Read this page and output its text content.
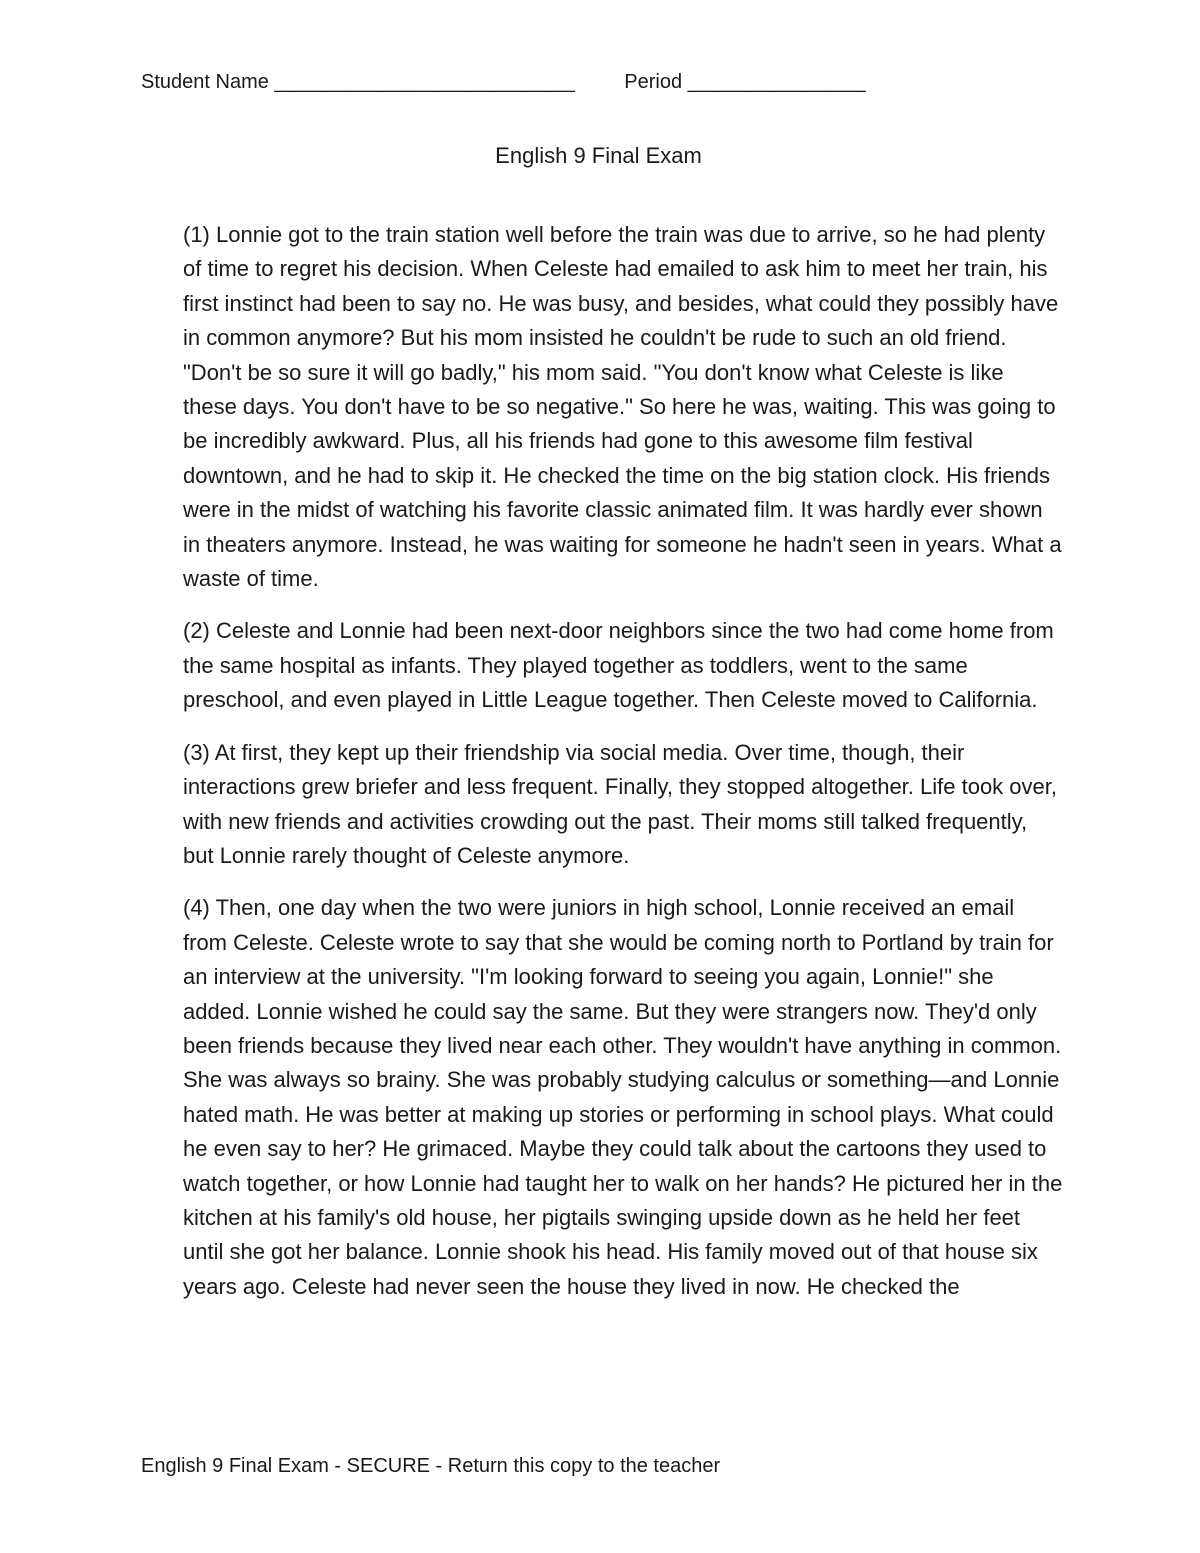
Student Name ___________________________ Period ________________
English 9 Final Exam

(1) Lonnie got to the train station well before the train was due to arrive, so he had plenty of time to regret his decision. When Celeste had emailed to ask him to meet her train, his first instinct had been to say no. He was busy, and besides, what could they possibly have in common anymore? But his mom insisted he couldn't be rude to such an old friend. "Don't be so sure it will go badly," his mom said. "You don't know what Celeste is like these days. You don't have to be so negative." So here he was, waiting. This was going to be incredibly awkward. Plus, all his friends had gone to this awesome film festival downtown, and he had to skip it. He checked the time on the big station clock. His friends were in the midst of watching his favorite classic animated film. It was hardly ever shown in theaters anymore. Instead, he was waiting for someone he hadn't seen in years. What a waste of time.

(2) Celeste and Lonnie had been next-door neighbors since the two had come home from the same hospital as infants. They played together as toddlers, went to the same preschool, and even played in Little League together. Then Celeste moved to California.

(3) At first, they kept up their friendship via social media. Over time, though, their interactions grew briefer and less frequent. Finally, they stopped altogether. Life took over, with new friends and activities crowding out the past. Their moms still talked frequently, but Lonnie rarely thought of Celeste anymore.

(4) Then, one day when the two were juniors in high school, Lonnie received an email from Celeste. Celeste wrote to say that she would be coming north to Portland by train for an interview at the university. "I'm looking forward to seeing you again, Lonnie!" she added. Lonnie wished he could say the same. But they were strangers now. They'd only been friends because they lived near each other. They wouldn't have anything in common. She was always so brainy. She was probably studying calculus or something—and Lonnie hated math. He was better at making up stories or performing in school plays. What could he even say to her? He grimaced. Maybe they could talk about the cartoons they used to watch together, or how Lonnie had taught her to walk on her hands? He pictured her in the kitchen at his family's old house, her pigtails swinging upside down as he held her feet until she got her balance. Lonnie shook his head. His family moved out of that house six years ago. Celeste had never seen the house they lived in now. He checked the

English 9 Final Exam - SECURE - Return this copy to the teacher
